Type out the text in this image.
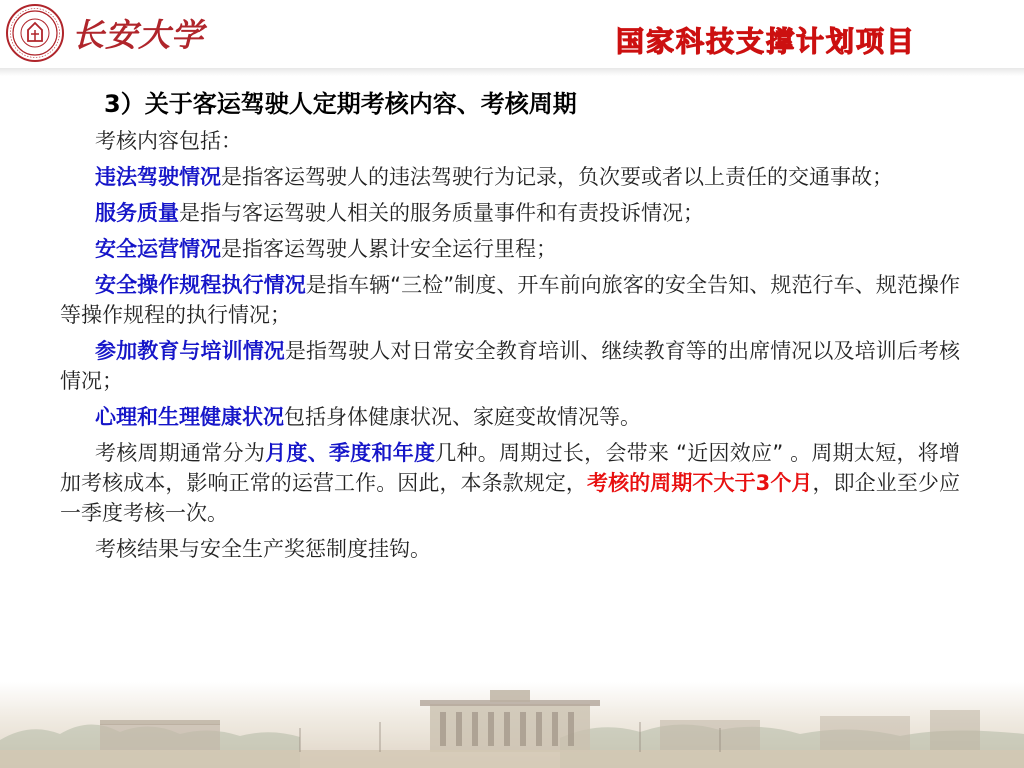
长安大学	国家科技支撑计划项目
3）关于客运驾驶人定期考核内容、考核周期

考核内容包括：

违法驾驶情况是指客运驾驶人的违法驾驶行为记录，负次要或者以上责任的交通事故；

服务质量是指与客运驾驶人相关的服务质量事件和有责投诉情况；

安全运营情况是指客运驾驶人累计安全运行里程；

安全操作规程执行情况是指车辆“三检”制度、开车前向旅客的安全告知、规范行车、规范操作等操作规程的执行情况；

参加教育与培训情况是指驾驶人对日常安全教育培训、继续教育等的出席情况以及培训后考核情况；

心理和生理健康状况包括身体健康状况、家庭变故情况等。

考核周期通常分为月度、季度和年度几种。周期过长，会带来 “近因效应” 。周期太短，将增加考核成本，影响正常的运营工作。因此，本条款规定，考核的周期不大于3个月，即企业至少应一季度考核一次。

考核结果与安全生产奖惩制度挂钩。
